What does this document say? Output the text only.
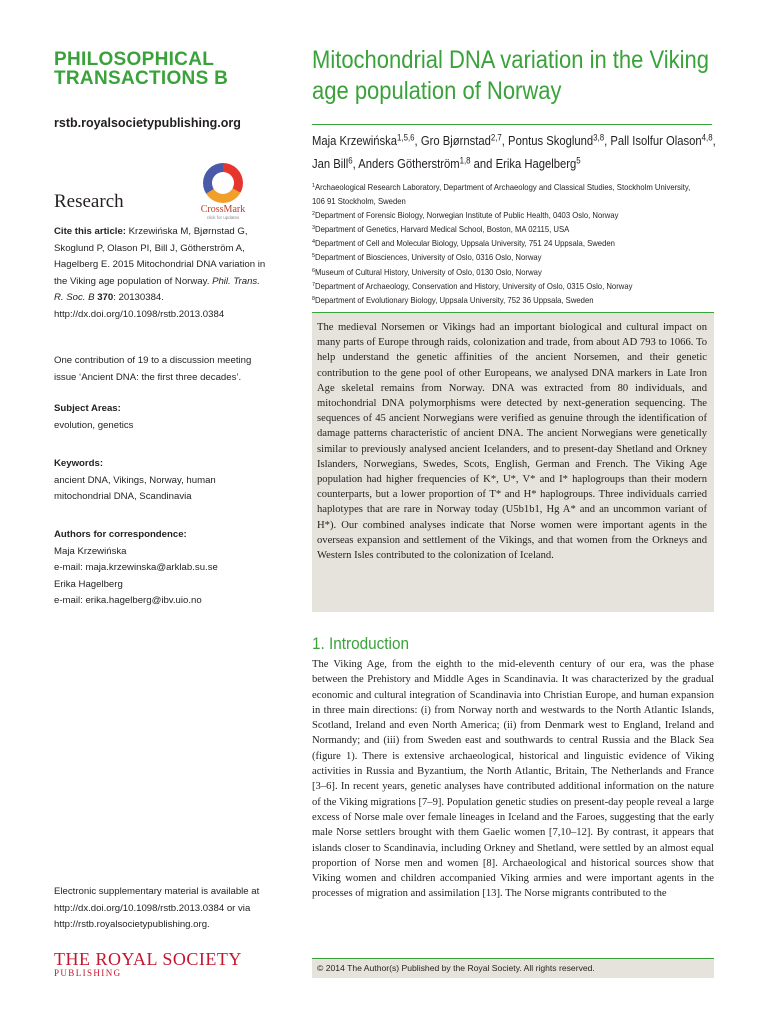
PHILOSOPHICAL
TRANSACTIONS B
rstb.royalsocietypublishing.org
Research	CrossMark
click for updates
Cite this article: Krzewińska M, Bjørnstad G, Skoglund P, Olason PI, Bill J, Götherström A, Hagelberg E. 2015 Mitochondrial DNA variation in the Viking age population of Norway. Phil. Trans. R. Soc. B 370: 20130384.
http://dx.doi.org/10.1098/rstb.2013.0384
One contribution of 19 to a discussion meeting issue ‘Ancient DNA: the first three decades’.
Subject Areas:
evolution, genetics
Keywords:
ancient DNA, Vikings, Norway, human mitochondrial DNA, Scandinavia
Authors for correspondence:
Maja Krzewińska
e-mail: maja.krzewinska@arklab.su.se
Erika Hagelberg
e-mail: erika.hagelberg@ibv.uio.no
Electronic supplementary material is available at http://dx.doi.org/10.1098/rstb.2013.0384 or via http://rstb.royalsocietypublishing.org.
THE ROYAL SOCIETY
PUBLISHING
Mitochondrial DNA variation in the Viking age population of Norway
Maja Krzewińska$^{1,5,6}$, Gro Bjørnstad$^{2,7}$, Pontus Skoglund$^{3,8}$, Pall Isolfur Olason$^{4,8}$, Jan Bill$^6$, Anders Götherström$^{1,8}$ and Erika Hagelberg$^5$
$^1$Archaeological Research Laboratory, Department of Archaeology and Classical Studies, Stockholm University,
106 91 Stockholm, Sweden
$^2$Department of Forensic Biology, Norwegian Institute of Public Health, 0403 Oslo, Norway
$^3$Department of Genetics, Harvard Medical School, Boston, MA 02115, USA
$^4$Department of Cell and Molecular Biology, Uppsala University, 751 24 Uppsala, Sweden
$^5$Department of Biosciences, University of Oslo, 0316 Oslo, Norway
$^6$Museum of Cultural History, University of Oslo, 0130 Oslo, Norway
$^7$Department of Archaeology, Conservation and History, University of Oslo, 0315 Oslo, Norway
$^8$Department of Evolutionary Biology, Uppsala University, 752 36 Uppsala, Sweden
The medieval Norsemen or Vikings had an important biological and cultural impact on many parts of Europe through raids, colonization and trade, from about AD 793 to 1066. To help understand the genetic affinities of the ancient Norsemen, and their genetic contribution to the gene pool of other Europeans, we analysed DNA markers in Late Iron Age skeletal remains from Norway. DNA was extracted from 80 individuals, and mitochondrial DNA polymorphisms were detected by next-generation sequencing. The sequences of 45 ancient Norwegians were verified as genuine through the identification of damage patterns characteristic of ancient DNA. The ancient Norwegians were genetically similar to previously analysed ancient Icelanders, and to present-day Shetland and Orkney Islanders, Norwegians, Swedes, Scots, English, German and French. The Viking Age population had higher frequencies of K*, U*, V* and I* haplogroups than their modern counterparts, but a lower proportion of T* and H* haplogroups. Three individuals carried haplotypes that are rare in Norway today (U5b1b1, Hg A* and an uncommon variant of H*). Our combined analyses indicate that Norse women were important agents in the overseas expansion and settlement of the Vikings, and that women from the Orkneys and Western Isles contributed to the colonization of Iceland.
1. Introduction
The Viking Age, from the eighth to the mid-eleventh century of our era, was the phase between the Prehistory and Middle Ages in Scandinavia. It was characterized by the gradual economic and cultural integration of Scandinavia into Christian Europe, and human expansion in three main directions: (i) from Norway north and westwards to the North Atlantic Islands, Scotland, Ireland and even North America; (ii) from Denmark west to England, Ireland and Normandy; and (iii) from Sweden east and southwards to central Russia and the Black Sea (figure 1). There is extensive archaeological, historical and linguistic evidence of Viking activities in Russia and Byzantium, the North Atlantic, Britain, The Netherlands and France [3–6]. In recent years, genetic analyses have contributed additional information on the nature of the Viking migrations [7–9]. Population genetic studies on present-day people reveal a large excess of Norse male over female lineages in Iceland and the Faroes, suggesting that the early male Norse settlers brought with them Gaelic women [7,10–12]. By contrast, it appears that islands closer to Scandinavia, including Orkney and Shetland, were settled by an almost equal proportion of Norse men and women [8]. Archaeological and historical sources show that Viking women and children accompanied Viking armies and were important agents in the processes of migration and assimilation [13]. The Norse migrants contributed to the
© 2014 The Author(s) Published by the Royal Society. All rights reserved.
